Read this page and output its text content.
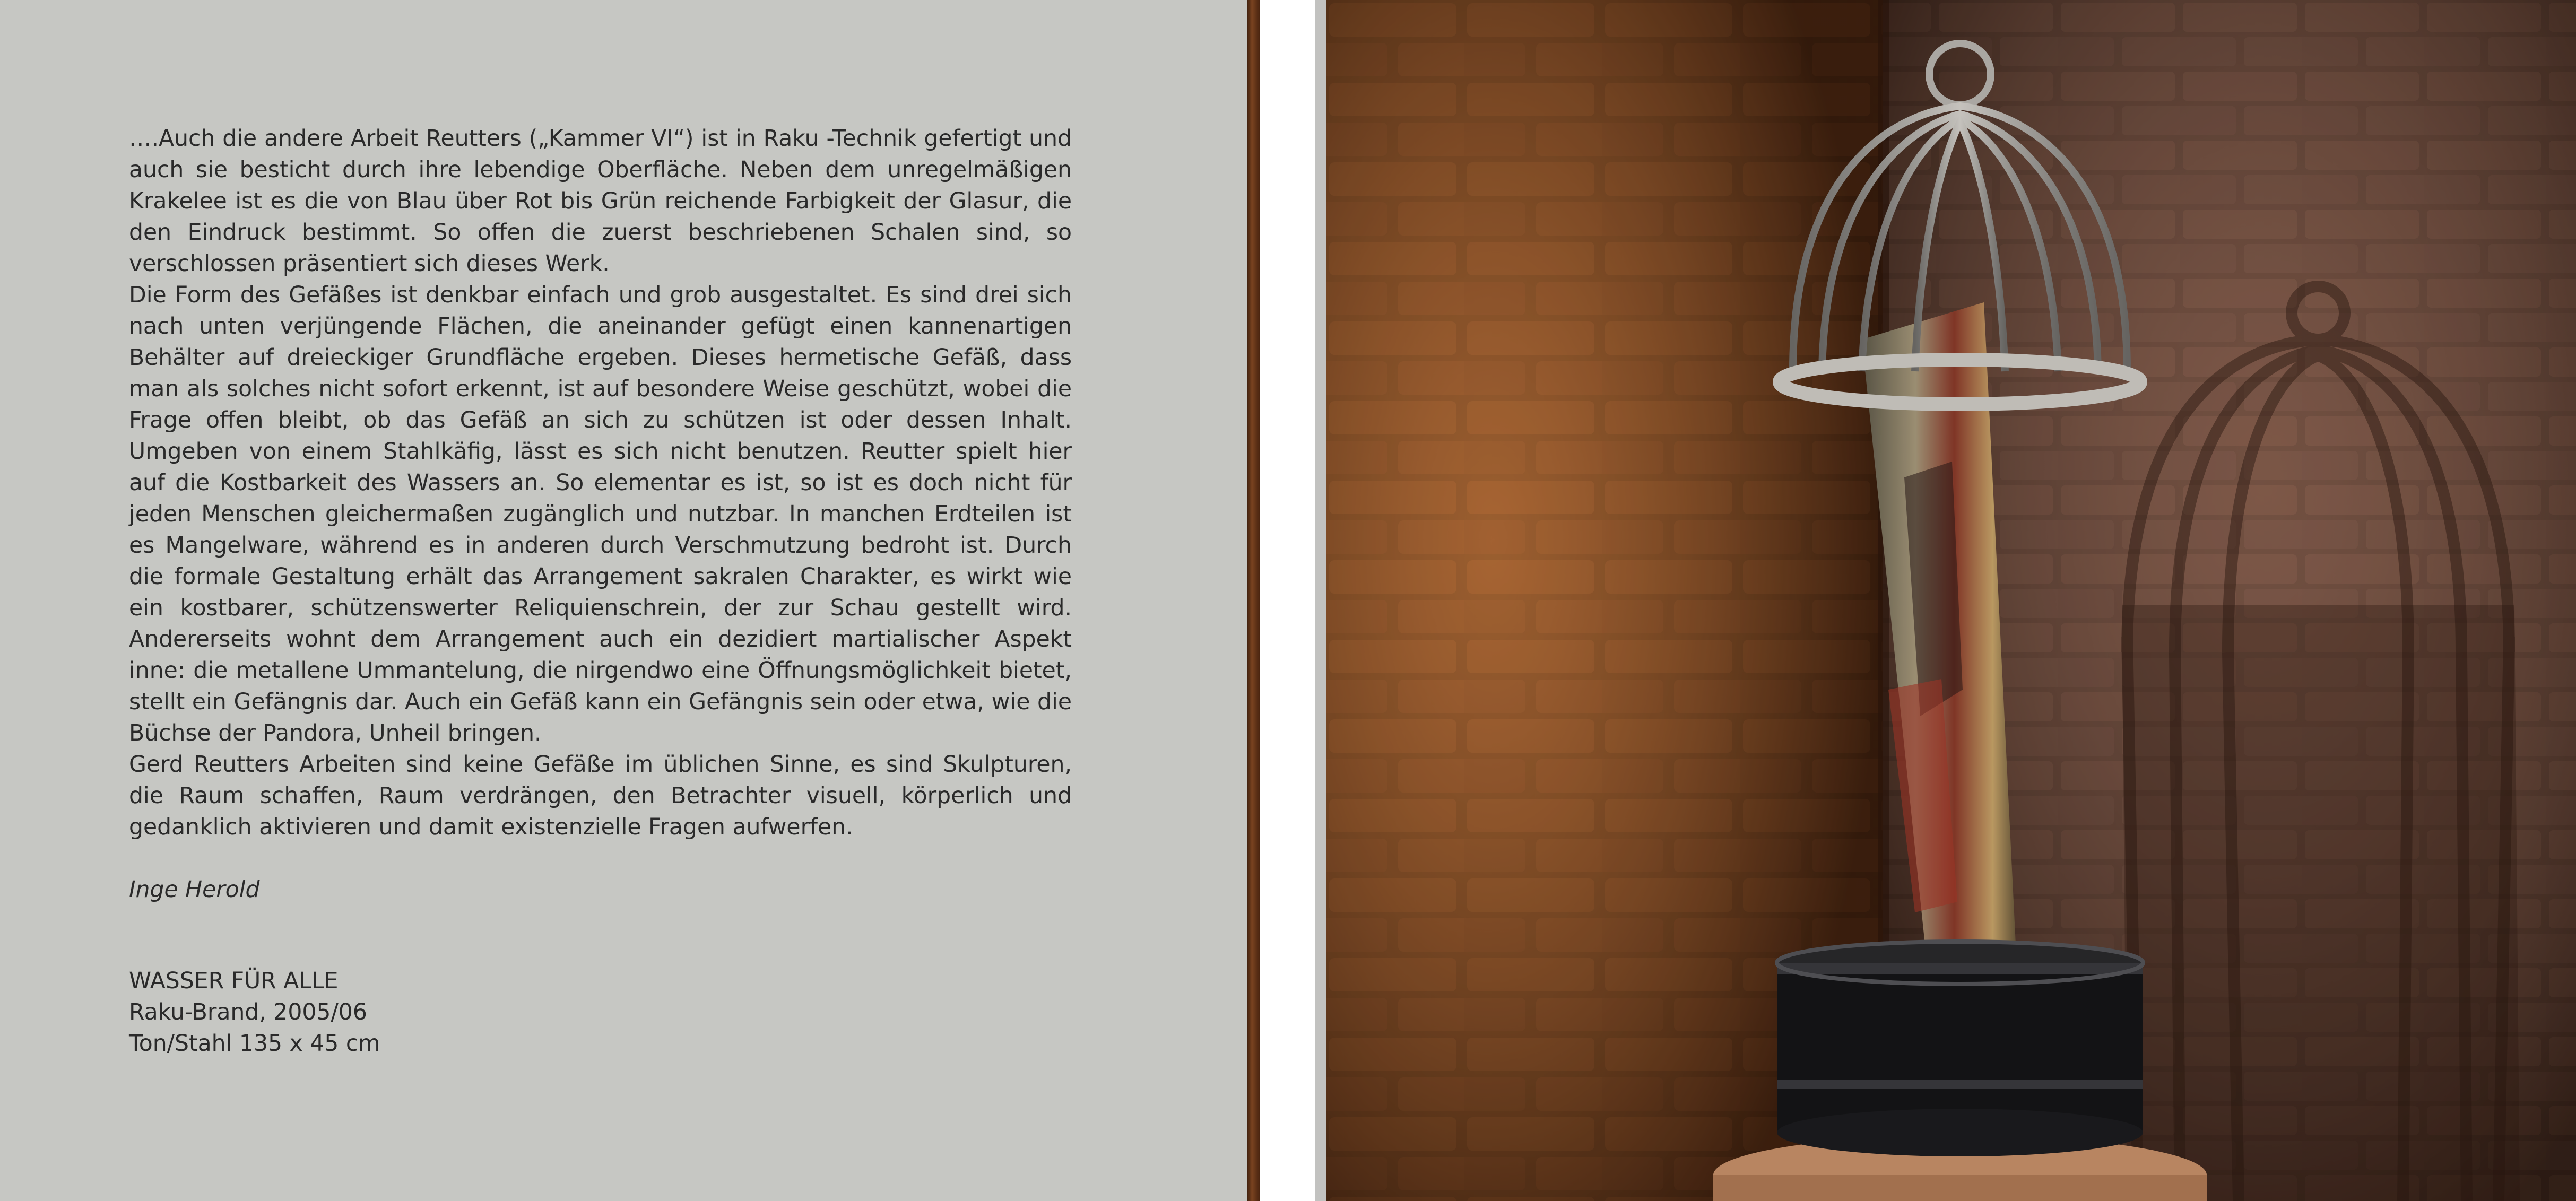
….Auch die andere Arbeit Reutters („Kammer VI“) ist in Raku -Technik gefertigt und auch sie besticht durch ihre lebendige Oberfläche. Neben dem unregelmäßigen Krakelee ist es die von Blau über Rot bis Grün reichende Farbigkeit der Glasur, die den Eindruck bestimmt. So offen die zuerst beschriebenen Schalen sind, so verschlossen präsentiert sich dieses Werk.

Die Form des Gefäßes ist denkbar einfach und grob ausgestaltet. Es sind drei sich nach unten verjüngende Flächen, die aneinander gefügt einen kannenartigen Behälter auf dreieckiger Grundfläche ergeben. Dieses hermetische Gefäß, dass man als solches nicht sofort erkennt, ist auf besondere Weise geschützt, wobei die Frage offen bleibt, ob das Gefäß an sich zu schützen ist oder dessen Inhalt. Umgeben von einem Stahlkäfig, lässt es sich nicht benutzen. Reutter spielt hier auf die Kostbarkeit des Wassers an. So elementar es ist, so ist es doch nicht für jeden Menschen gleichermaßen zugänglich und nutzbar. In manchen Erdteilen ist es Mangelware, während es in anderen durch Verschmutzung bedroht ist. Durch die formale Gestaltung erhält das Arrangement sakralen Charakter, es wirkt wie ein kostbarer, schützenswerter Reliquienschrein, der zur Schau gestellt wird. Andererseits wohnt dem Arrangement auch ein dezidiert martialischer Aspekt inne: die metallene Ummantelung, die nirgendwo eine Öffnungsmöglichkeit bietet, stellt ein Gefängnis dar. Auch ein Gefäß kann ein Gefängnis sein oder etwa, wie die Büchse der Pandora, Unheil bringen.

Gerd Reutters Arbeiten sind keine Gefäße im üblichen Sinne, es sind Skulpturen, die Raum schaffen, Raum verdrängen, den Betrachter visuell, körperlich und gedanklich aktivieren und damit existenzielle Fragen aufwerfen.

Inge Herold

WASSER FÜR ALLE
Raku-Brand, 2005/06
Ton/Stahl 135 x 45 cm
